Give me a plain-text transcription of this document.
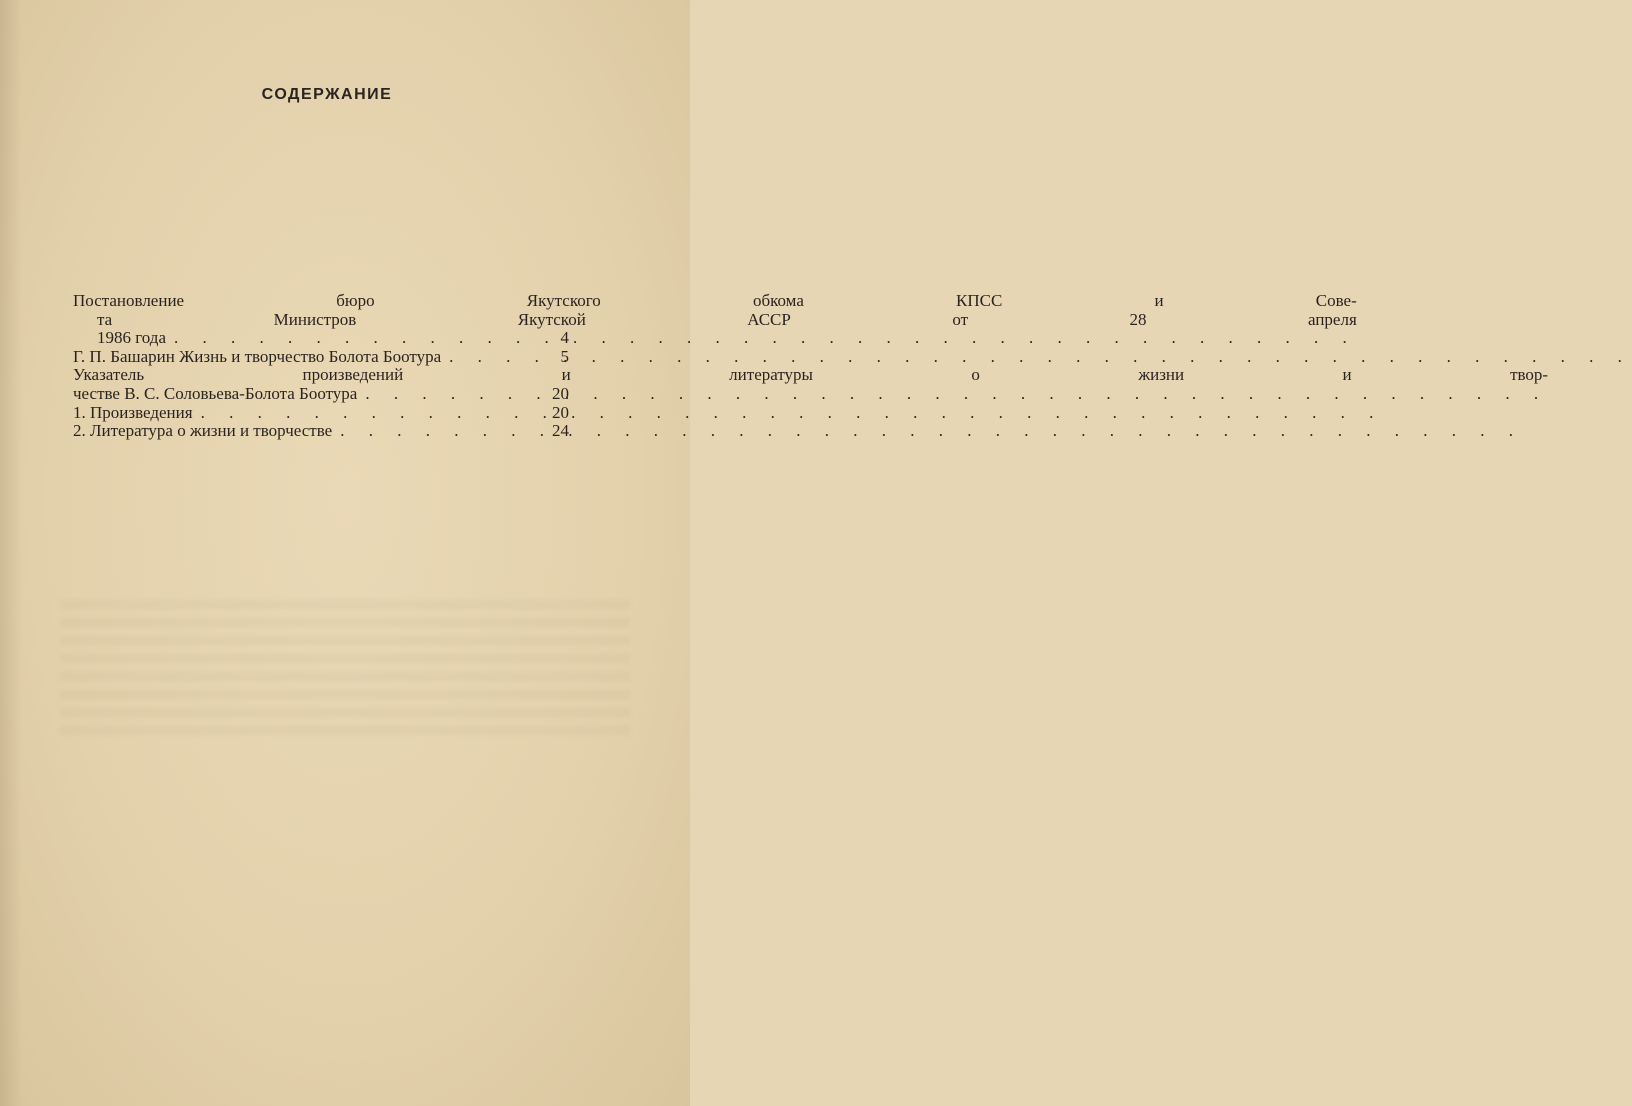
СОДЕРЖАНИЕ
Постановление бюро Якутского обкома КПСС и Сове-
та Министров Якутской АССР от 28 апреля
1986 года . . .	4
Г. П. Башарин Жизнь и творчество Болота Боотура . . .	5
Указатель произведений и литературы о жизни и твор-
честве В. С. Соловьева-Болота Боотура . . .	20
1. Произведения . . .	20
2. Литература о жизни и творчестве . . .	24
